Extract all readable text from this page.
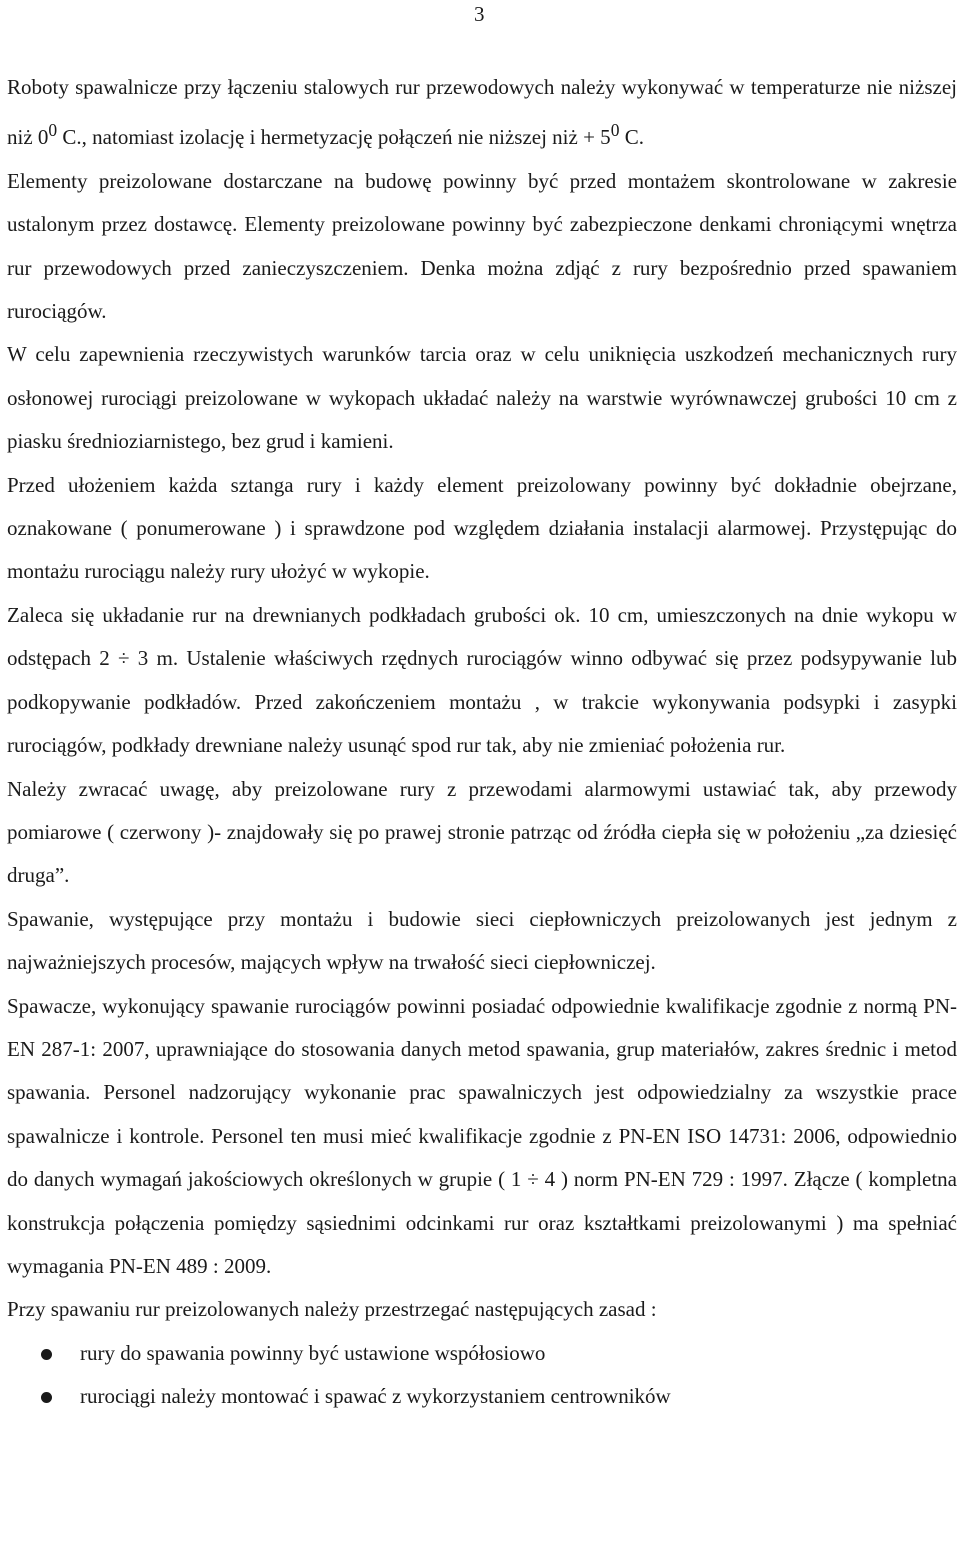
3

Roboty spawalnicze przy łączeniu stalowych rur przewodowych należy wykonywać w temperaturze nie niższej niż $0^0$ C., natomiast izolację i hermetyzację połączeń nie niższej niż + $5^0$ C.

Elementy preizolowane dostarczane na budowę powinny być przed montażem skontrolowane w zakresie ustalonym przez dostawcę. Elementy preizolowane powinny być zabezpieczone denkami chroniącymi wnętrza rur przewodowych przed zanieczyszczeniem. Denka można zdjąć z rury bezpośrednio przed spawaniem rurociągów.

W celu zapewnienia rzeczywistych warunków tarcia oraz w celu uniknięcia uszkodzeń mechanicznych rury osłonowej rurociągi preizolowane w wykopach układać należy na warstwie wyrównawczej grubości 10 cm z piasku średnioziarnistego, bez grud i kamieni.

Przed ułożeniem każda sztanga rury i każdy element preizolowany powinny być dokładnie obejrzane, oznakowane ( ponumerowane ) i sprawdzone pod względem działania instalacji alarmowej. Przystępując do montażu rurociągu należy rury ułożyć w wykopie.

Zaleca się układanie rur na drewnianych podkładach grubości ok. 10 cm, umieszczonych na dnie wykopu w odstępach 2 ÷ 3 m. Ustalenie właściwych rzędnych rurociągów winno odbywać się przez podsypywanie lub podkopywanie podkładów. Przed zakończeniem montażu , w trakcie wykonywania podsypki i zasypki rurociągów, podkłady drewniane należy usunąć spod rur tak, aby nie zmieniać położenia rur.

Należy zwracać uwagę, aby preizolowane rury z przewodami alarmowymi ustawiać tak, aby przewody pomiarowe ( czerwony )- znajdowały się po prawej stronie patrząc od źródła ciepła się w położeniu „za dziesięć druga”.

Spawanie, występujące przy montażu i budowie sieci ciepłowniczych preizolowanych jest jednym z najważniejszych procesów, mających wpływ na trwałość sieci ciepłowniczej.

Spawacze, wykonujący spawanie rurociągów powinni posiadać odpowiednie kwalifikacje zgodnie z normą PN-EN 287-1: 2007, uprawniające do stosowania danych metod spawania, grup materiałów, zakres średnic i metod spawania. Personel nadzorujący wykonanie prac spawalniczych jest odpowiedzialny za wszystkie prace spawalnicze i kontrole. Personel ten musi mieć kwalifikacje zgodnie z PN-EN ISO 14731: 2006, odpowiednio do danych wymagań jakościowych określonych w grupie ( 1 ÷ 4 ) norm PN-EN 729 : 1997. Złącze ( kompletna konstrukcja połączenia pomiędzy sąsiednimi odcinkami rur oraz kształtkami preizolowanymi ) ma spełniać wymagania PN-EN 489 : 2009.

Przy spawaniu rur preizolowanych należy przestrzegać następujących zasad :

rury do spawania powinny być ustawione współosiowo
rurociągi należy montować i spawać z wykorzystaniem centrowników
